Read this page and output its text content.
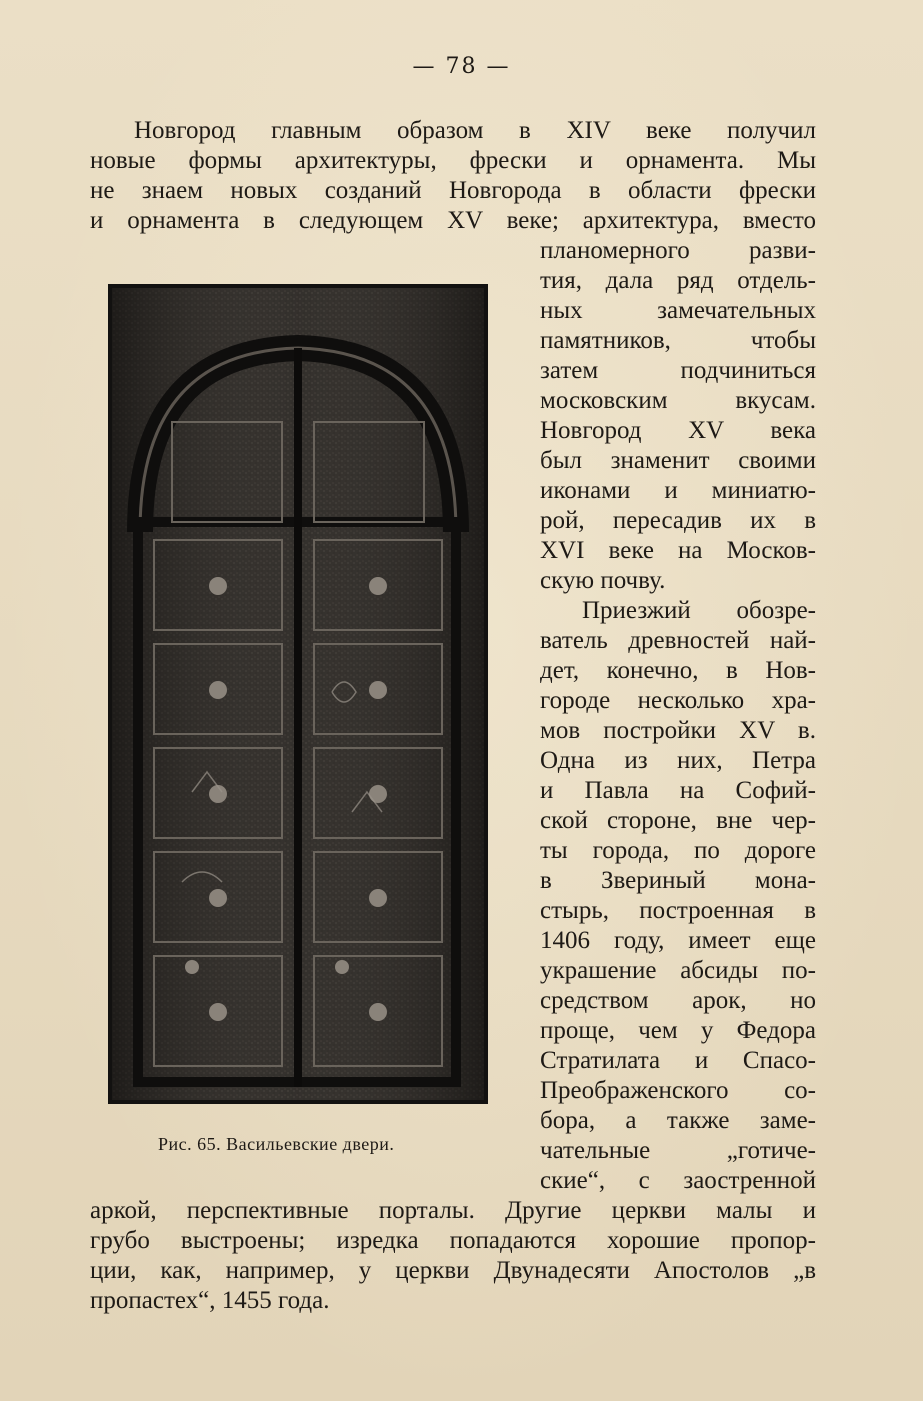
— 78 —
Новгород главным образом в XIV веке получил
новые формы архитектуры, фрески и орнамента. Мы
не знаем новых созданий Новгорода в области фрески
и орнамента в следующем XV веке; архитектура, вместо
Рис. 65. Васильевские двери.
планомерного разви-
тия, дала ряд отдель-
ных замечательных
памятников, чтобы
затем подчиниться
московским вкусам.
Новгород XV века
был знаменит своими
иконами и миниатю-
рой, пересадив их в
XVI веке на Москов-
скую почву.
Приезжий обозре-
ватель древностей най-
дет, конечно, в Нов-
городе несколько хра-
мов постройки XV в.
Одна из них, Петра
и Павла на Софий-
ской стороне, вне чер-
ты города, по дороге
в Звериный мона-
стырь, построенная в
1406 году, имеет еще
украшение абсиды по-
средством арок, но
проще, чем у Федора
Стратилата и Спасо-
Преображенского со-
бора, а также заме-
чательные „готиче-
ские“, с заостренной
аркой, перспективные порталы. Другие церкви малы и
грубо выстроены; изредка попадаются хорошие пропор-
ции, как, например, у церкви Двунадесяти Апостолов „в
пропастех“, 1455 года.
